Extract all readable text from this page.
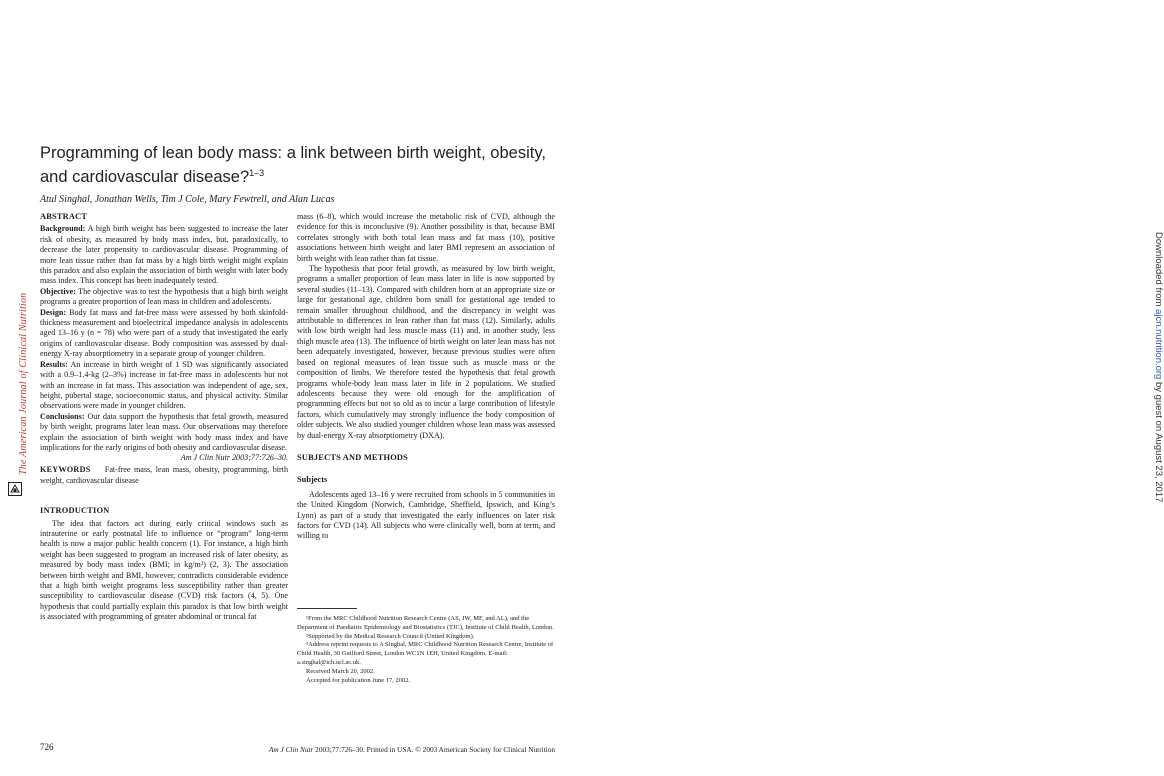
The American Journal of Clinical Nutrition
Downloaded from ajcn.nutrition.org by guest on August 23, 2017
Programming of lean body mass: a link between birth weight, obesity, and cardiovascular disease?$^{1-3}$
Atul Singhal, Jonathan Wells, Tim J Cole, Mary Fewtrell, and Alan Lucas
ABSTRACT

Background: A high birth weight has been suggested to increase the later risk of obesity, as measured by body mass index, but, paradoxically, to decrease the later propensity to cardiovascular disease. Programming of more lean tissue rather than fat mass by a high birth weight might explain this paradox and also explain the association of birth weight with later body mass index. This concept has been inadequately tested.

Objective: The objective was to test the hypothesis that a high birth weight programs a greater proportion of lean mass in children and adolescents.

Design: Body fat mass and fat-free mass were assessed by both skinfold-thickness measurement and bioelectrical impedance analysis in adolescents aged 13–16 y (n = 78) who were part of a study that investigated the early origins of cardiovascular disease. Body composition was assessed by dual-energy X-ray absorptiometry in a separate group of younger children.

Results: An increase in birth weight of 1 SD was significantly associated with a 0.9–1.4-kg (2–3%) increase in fat-free mass in adolescents but not with an increase in fat mass. This association was independent of age, sex, height, pubertal stage, socioeconomic status, and physical activity. Similar observations were made in younger children.

Conclusions: Our data support the hypothesis that fetal growth, measured by birth weight, programs later lean mass. Our observations may therefore explain the association of birth weight with body mass index and have implications for the early origins of both obesity and cardiovascular disease.
Am J Clin Nutr 2003;77:726–30.

KEYWORDS Fat-free mass, lean mass, obesity, programming, birth weight, cardiovascular disease

INTRODUCTION

The idea that factors act during early critical windows such as intrauterine or early postnatal life to influence or “program” long-term health is now a major public health concern (1). For instance, a high birth weight has been suggested to program an increased risk of later obesity, as measured by body mass index (BMI; in kg/m²) (2, 3). The association between birth weight and BMI, however, contradicts considerable evidence that a high birth weight programs less susceptibility rather than greater susceptibility to cardiovascular disease (CVD) risk factors (4, 5). One hypothesis that could partially explain this paradox is that low birth weight is associated with programming of greater abdominal or truncal fat

mass (6–8), which would increase the metabolic risk of CVD, although the evidence for this is inconclusive (9). Another possibility is that, because BMI correlates strongly with both total lean mass and fat mass (10), positive associations between birth weight and later BMI represent an association of birth weight with lean rather than fat tissue.

The hypothesis that poor fetal growth, as measured by low birth weight, programs a smaller proportion of lean mass later in life is now supported by several studies (11–13). Compared with children born at an appropriate size or large for gestational age, children born small for gestational age tended to remain smaller throughout childhood, and the discrepancy in weight was attributable to differences in lean rather than fat mass (12). Similarly, adults with low birth weight had less muscle mass (11) and, in another study, less thigh muscle area (13). The influence of birth weight on later lean mass has not been adequately investigated, however, because previous studies were often based on regional measures of lean tissue such as muscle mass or the composition of limbs. We therefore tested the hypothesis that fetal growth programs whole-body lean mass later in life in 2 populations. We studied adolescents because they were old enough for the amplification of programming effects but not so old as to incur a large contribution of lifestyle factors, which cumulatively may strongly influence the body composition of older subjects. We also studied younger children whose lean mass was assessed by dual-energy X-ray absorptiometry (DXA).

SUBJECTS AND METHODS
Subjects

Adolescents aged 13–16 y were recruited from schools in 5 communities in the United Kingdom (Norwich, Cambridge, Sheffield, Ipswich, and King’s Lynn) as part of a study that investigated the early influences on later risk factors for CVD (14). All subjects who were clinically well, born at term, and willing to

¹From the MRC Childhood Nutrition Research Centre (AS, JW, MF, and AL), and the Department of Paediatric Epidemiology and Biostatistics (TJC), Institute of Child Health, London.

²Supported by the Medical Research Council (United Kingdom).

³Address reprint requests to A Singhal, MRC Childhood Nutrition Research Centre, Institute of Child Health, 30 Guilford Street, London WC1N 1EH, United Kingdom. E-mail: a.singhal@ich.ucl.ac.uk.

Received March 20, 2002.

Accepted for publication June 17, 2002.

726	Am J Clin Nutr 2003;77:726–30. Printed in USA. © 2003 American Society for Clinical Nutrition
